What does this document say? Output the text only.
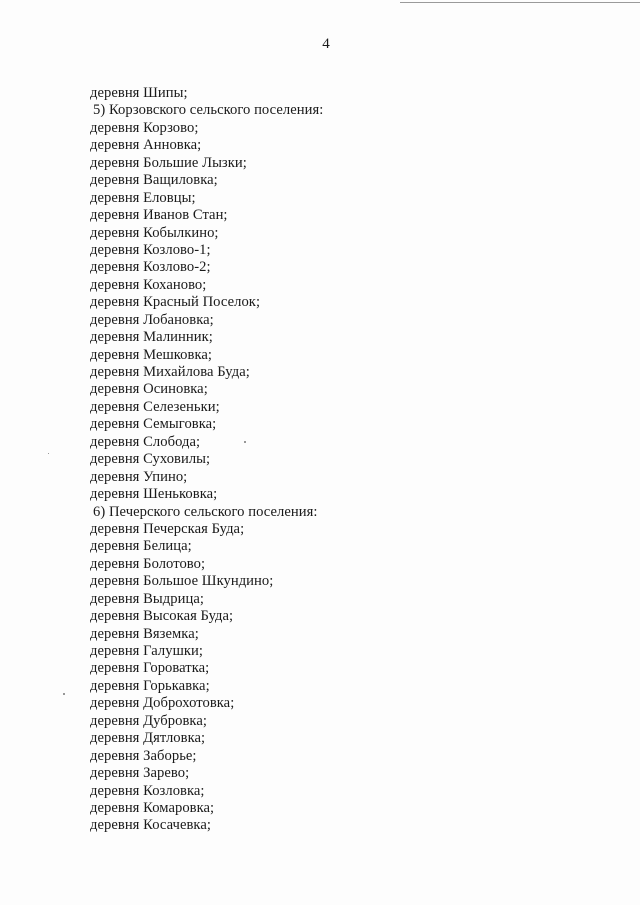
4
деревня Шипы;
5) Корзовского сельского поселения:
деревня Корзово;
деревня Анновка;
деревня Большие Лызки;
деревня Ващиловка;
деревня Еловцы;
деревня Иванов Стан;
деревня Кобылкино;
деревня Козлово-1;
деревня Козлово-2;
деревня Коханово;
деревня Красный Поселок;
деревня Лобановка;
деревня Малинник;
деревня Мешковка;
деревня Михайлова Буда;
деревня Осиновка;
деревня Селезеньки;
деревня Семыговка;
деревня Слобода;
деревня Суховилы;
деревня Упино;
деревня Шеньковка;
6) Печерского сельского поселения:
деревня Печерская Буда;
деревня Белица;
деревня Болотово;
деревня Большое Шкундино;
деревня Выдрица;
деревня Высокая Буда;
деревня Вяземка;
деревня Галушки;
деревня Горoватка;
деревня Горькавка;
деревня Доброхотовка;
деревня Дубровка;
деревня Дятловка;
деревня Заборье;
деревня Зарево;
деревня Козловка;
деревня Комаровка;
деревня Косачевка;
